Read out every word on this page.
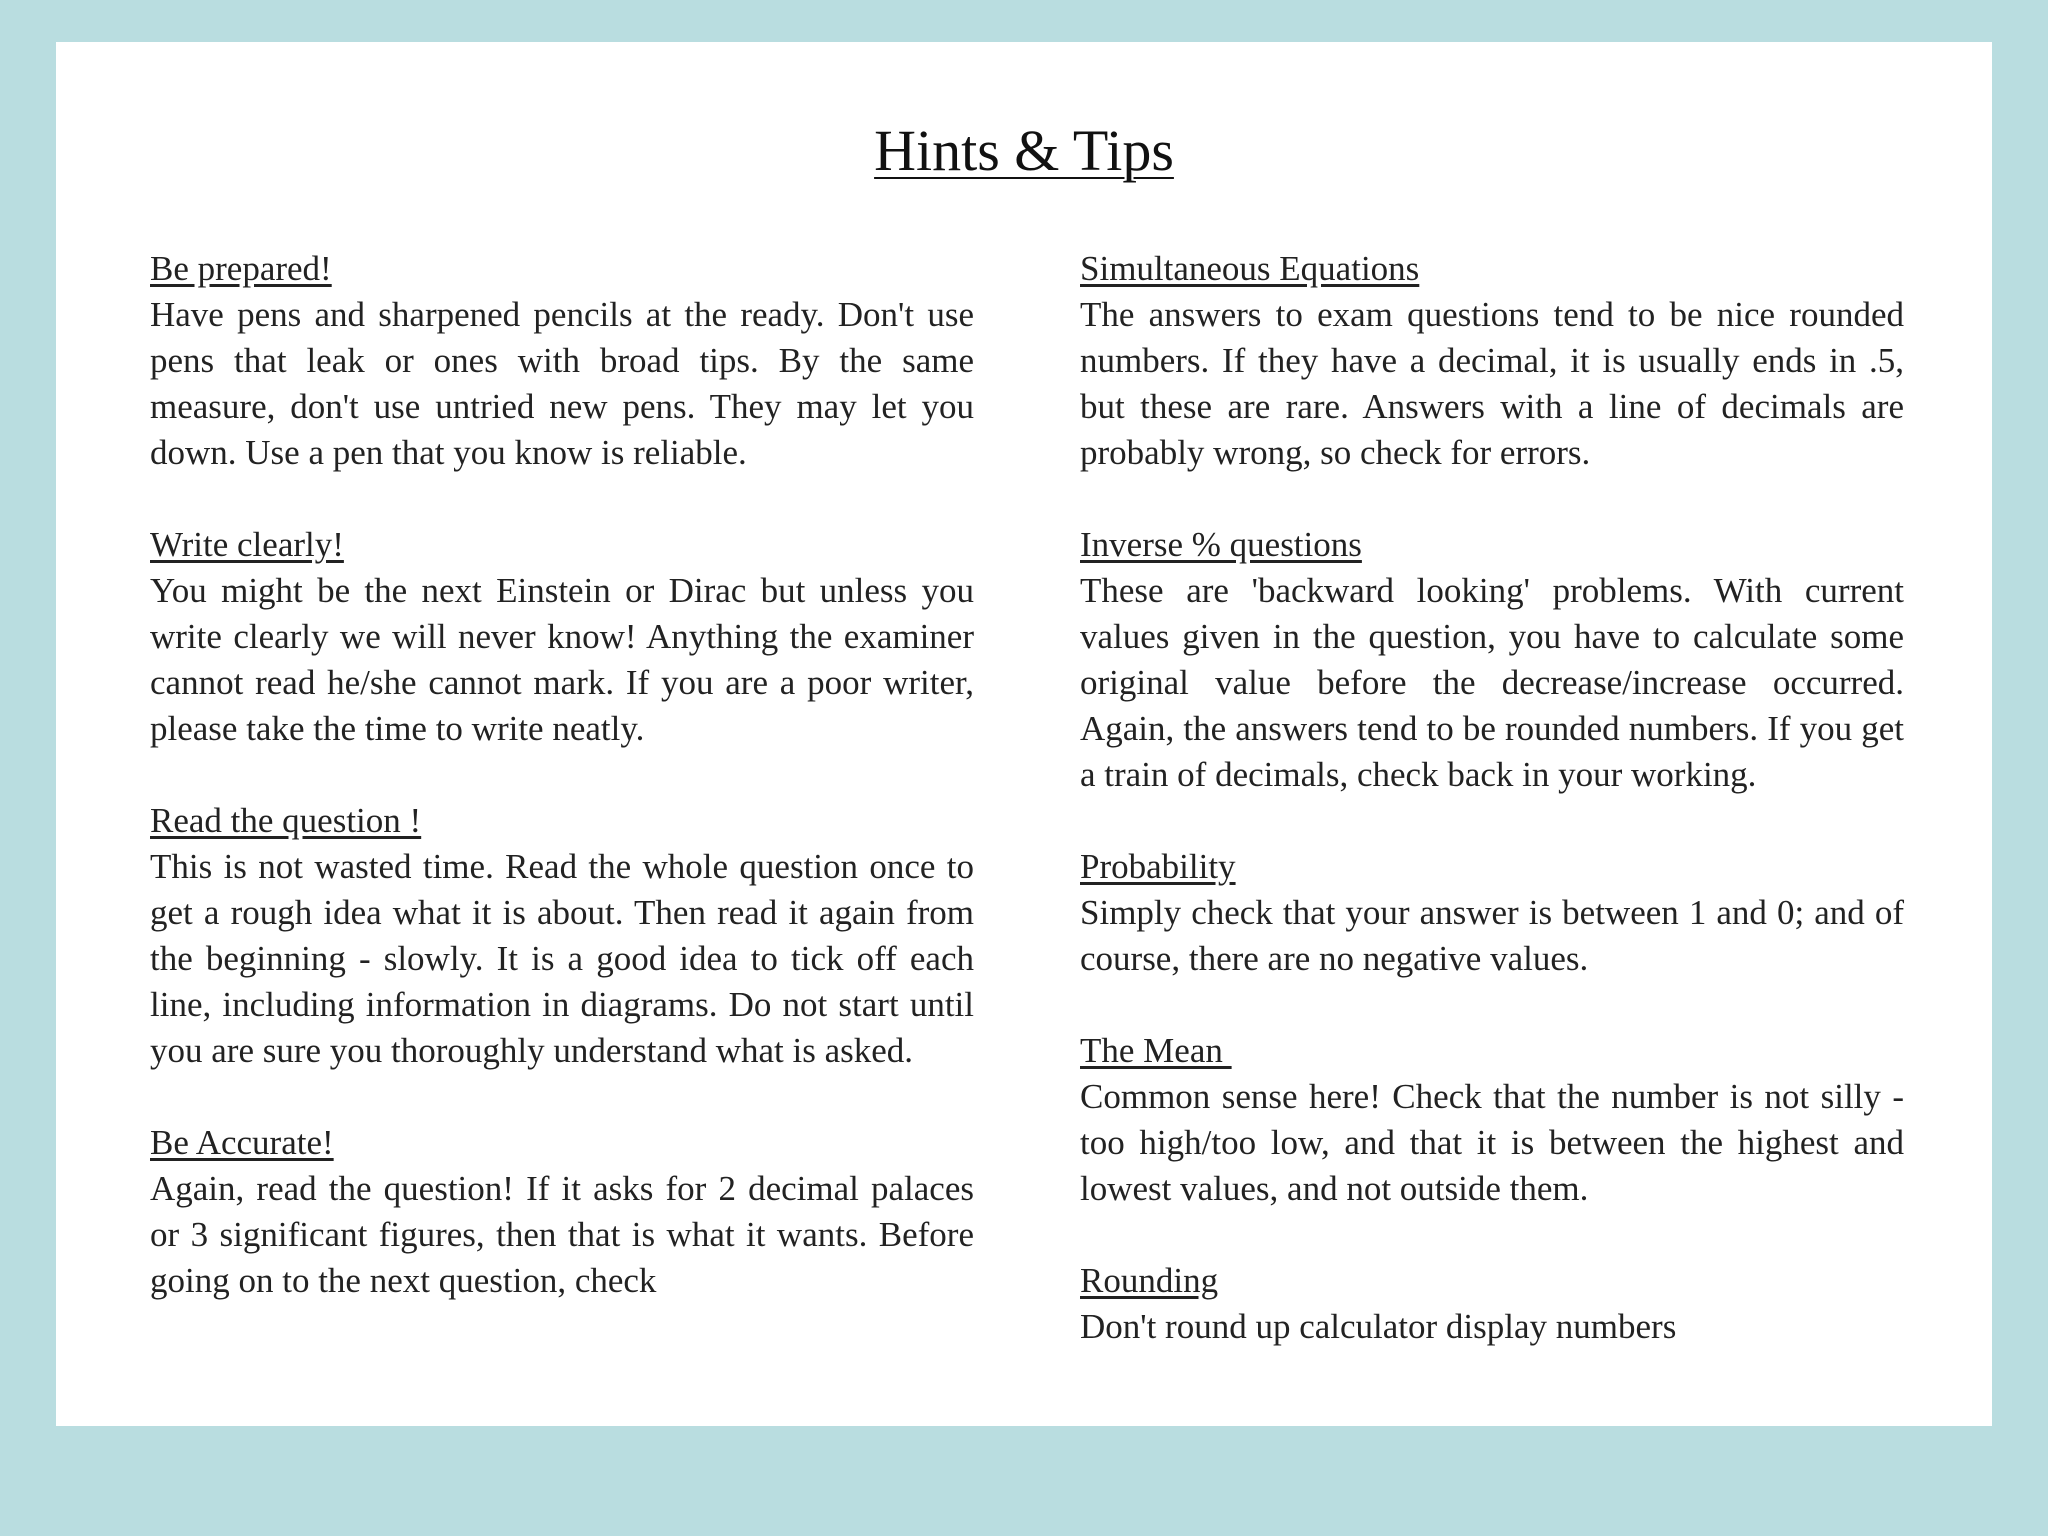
Hints & Tips
Be prepared!

Have pens and sharpened pencils at the ready. Don't use pens that leak or ones with broad tips. By the same measure, don't use untried new pens. They may let you down. Use a pen that you know is reliable.

Write clearly!

You might be the next Einstein or Dirac but unless you write clearly we will never know! Anything the examiner cannot read he/she cannot mark. If you are a poor writer, please take the time to write neatly.

Read the question !

This is not wasted time. Read the whole question once to get a rough idea what it is about. Then read it again from the beginning - slowly. It is a good idea to tick off each line, including information in diagrams. Do not start until you are sure you thoroughly understand what is asked.

Be Accurate!

Again, read the question! If it asks for 2 decimal palaces or 3 significant figures, then that is what it wants. Before going on to the next question, check

Simultaneous Equations

The answers to exam questions tend to be nice rounded numbers. If they have a decimal, it is usually ends in .5, but these are rare. Answers with a line of decimals are probably wrong, so check for errors.

Inverse % questions

These are 'backward looking' problems. With current values given in the question, you have to calculate some original value before the decrease/increase occurred. Again, the answers tend to be rounded numbers. If you get a train of decimals, check back in your working.

Probability

Simply check that your answer is between 1 and 0; and of course, there are no negative values.

The Mean

Common sense here! Check that the number is not silly - too high/too low, and that it is between the highest and lowest values, and not outside them.

Rounding

Don't round up calculator display numbers
